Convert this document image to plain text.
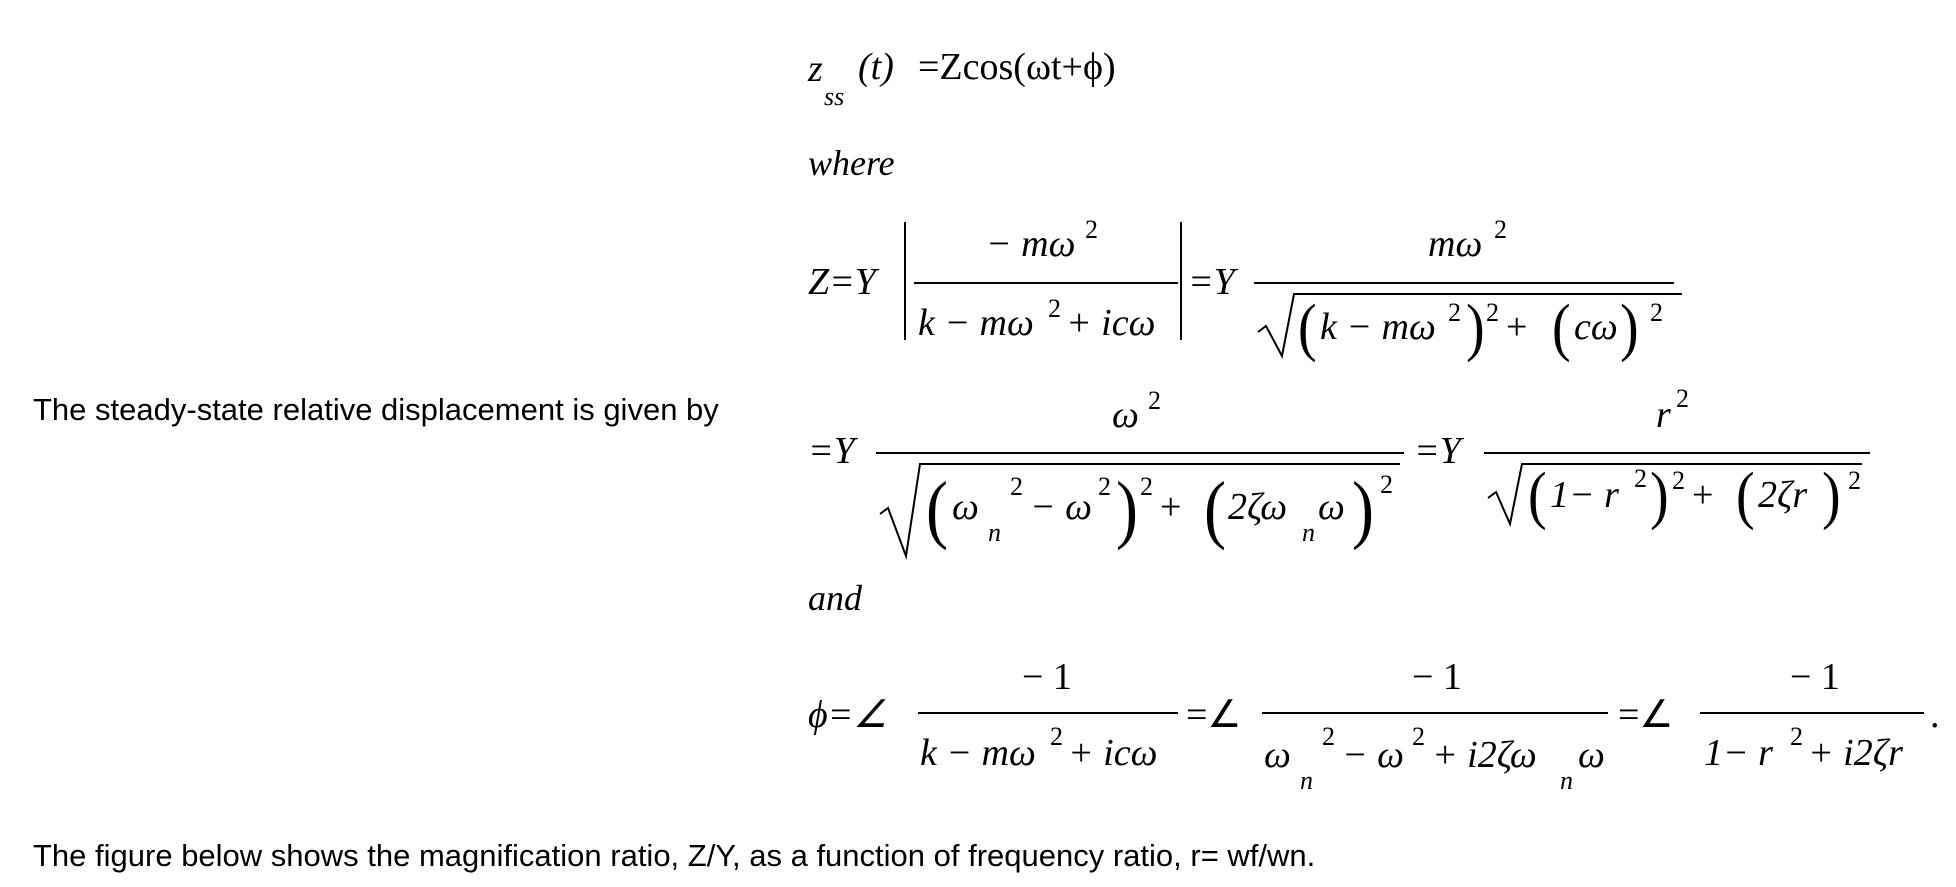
The steady-state relative displacement is given by
The figure below shows the magnification ratio, Z/Y, as a function of frequency ratio, r= wf/wn.
z
ss
(t) =Zcos(ωt+ϕ)
where
Z=Y
− mω 2
k − mω 2 + icω
=Y
mω 2
( k − mω 2 ) 2 + ( cω ) 2
=Y
ω 2
( ω
n
2 − ω 2 ) 2 + ( 2ζω
n
ω ) 2
=Y
r 2
( 1− r 2 ) 2 + ( 2ζr ) 2
and
ϕ=∠
− 1
k − mω 2 + icω
=∠
− 1
ω
n
2 − ω 2 + i2ζω
n
ω
=∠
− 1
1− r 2 + i2ζr
.
